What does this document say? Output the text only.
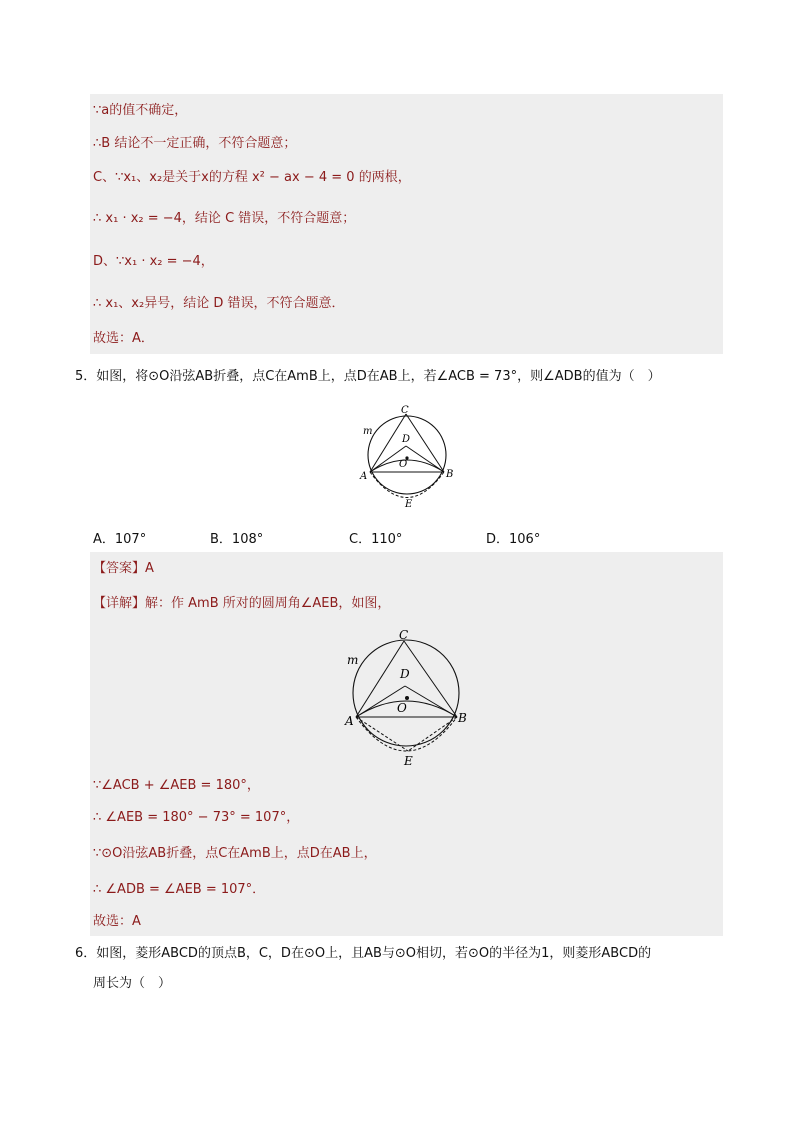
∵a的值不确定，
∴B 结论不一定正确，不符合题意；
C、∵x₁、x₂是关于x的方程 x² − ax − 4 = 0 的两根，
∴ x₁ · x₂ = −4，结论 C 错误，不符合题意；
D、∵x₁ · x₂ = −4，
∴ x₁、x₂异号，结论 D 错误，不符合题意．
故选：A．
5．如图，将⊙O沿弦AB折叠，点C在AmB上，点D在AB上，若∠ACB = 73°，则∠ADB的值为（　）
C
D
O
A	B
E
m
A．107°	B．108°	C．110°	D．106°
【答案】A
【详解】解：作 AmB 所对的圆周角∠AEB，如图，
C
D
O
A	B
E
m
∵∠ACB + ∠AEB = 180°，
∴ ∠AEB = 180° − 73° = 107°，
∵⊙O沿弦AB折叠，点C在AmB上，点D在AB上，
∴ ∠ADB = ∠AEB = 107°．
故选：A
6．如图，菱形ABCD的顶点B，C，D在⊙O上，且AB与⊙O相切，若⊙O的半径为1，则菱形ABCD的
周长为（　）
